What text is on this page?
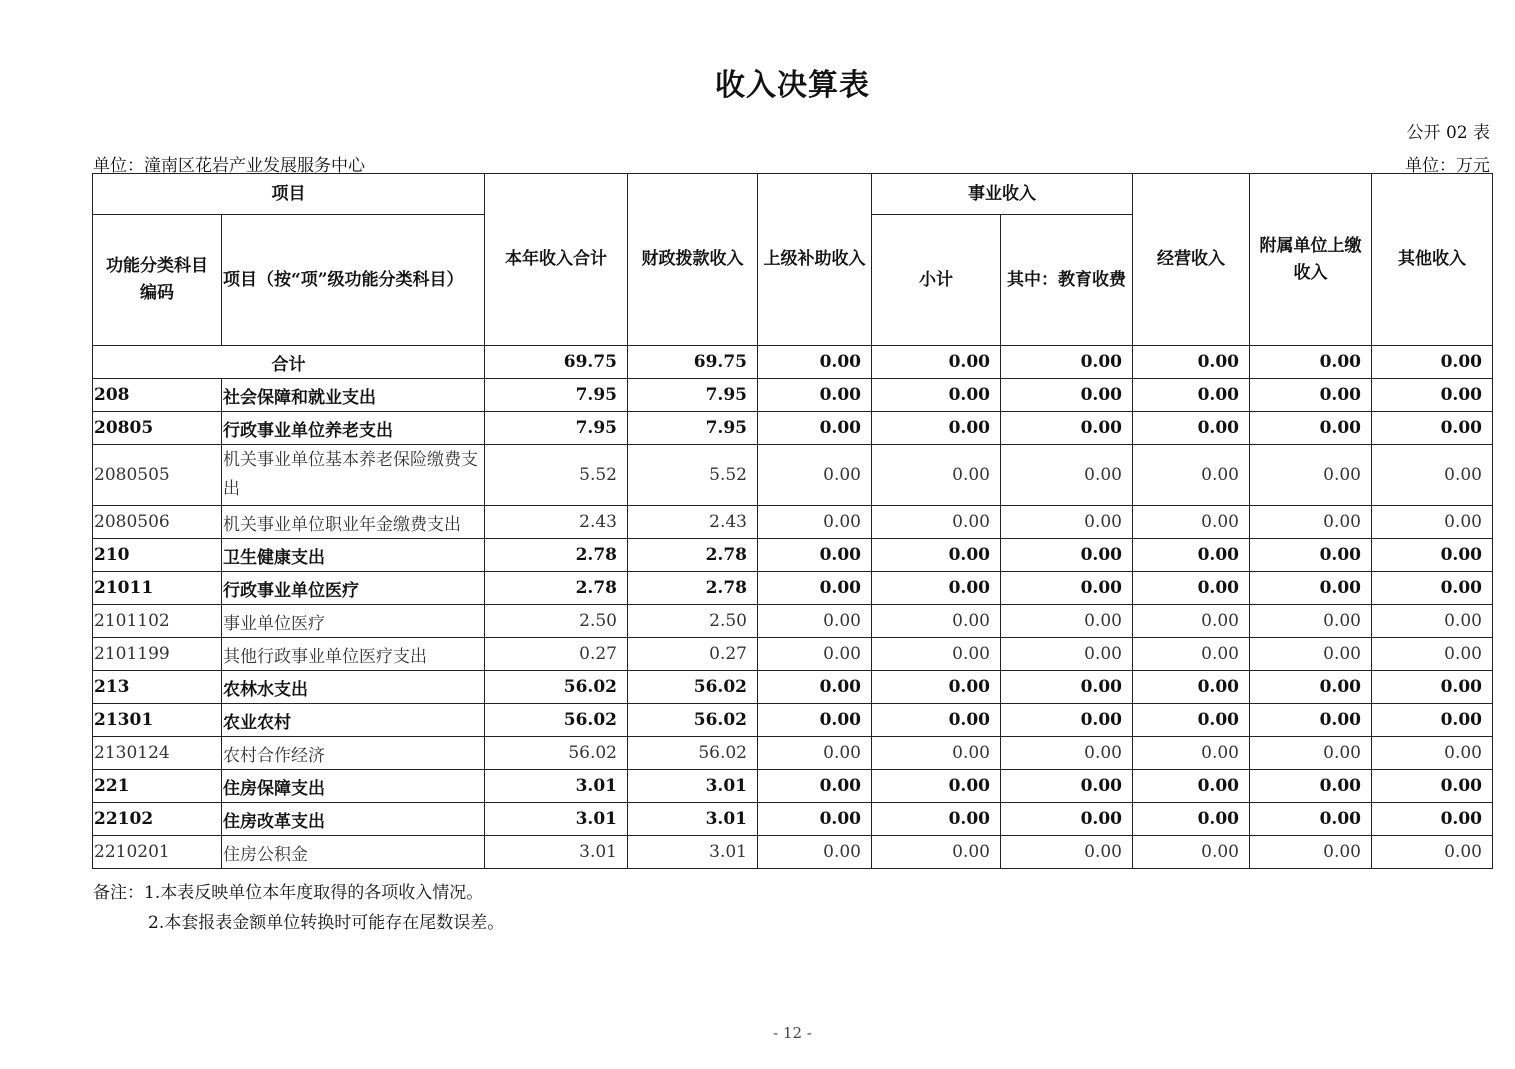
收入决算表
公开 02 表
单位：潼南区花岩产业发展服务中心	单位：万元
项目		本年收入合计	财政拨款收入	上级补助收入	事业收入		经营收入	附属单位上缴收入	其他收入
功能分类科目编码	项目（按“项”级功能分类科目）				小计	其中：教育收费			
合计		69.75	69.75	0.00	0.00	0.00	0.00	0.00	0.00
208	社会保障和就业支出	7.95	7.95	0.00	0.00	0.00	0.00	0.00	0.00
20805	行政事业单位养老支出	7.95	7.95	0.00	0.00	0.00	0.00	0.00	0.00
2080505	机关事业单位基本养老保险缴费支出	5.52	5.52	0.00	0.00	0.00	0.00	0.00	0.00
2080506	机关事业单位职业年金缴费支出	2.43	2.43	0.00	0.00	0.00	0.00	0.00	0.00
210	卫生健康支出	2.78	2.78	0.00	0.00	0.00	0.00	0.00	0.00
21011	行政事业单位医疗	2.78	2.78	0.00	0.00	0.00	0.00	0.00	0.00
2101102	事业单位医疗	2.50	2.50	0.00	0.00	0.00	0.00	0.00	0.00
2101199	其他行政事业单位医疗支出	0.27	0.27	0.00	0.00	0.00	0.00	0.00	0.00
213	农林水支出	56.02	56.02	0.00	0.00	0.00	0.00	0.00	0.00
21301	农业农村	56.02	56.02	0.00	0.00	0.00	0.00	0.00	0.00
2130124	农村合作经济	56.02	56.02	0.00	0.00	0.00	0.00	0.00	0.00
221	住房保障支出	3.01	3.01	0.00	0.00	0.00	0.00	0.00	0.00
22102	住房改革支出	3.01	3.01	0.00	0.00	0.00	0.00	0.00	0.00
2210201	住房公积金	3.01	3.01	0.00	0.00	0.00	0.00	0.00	0.00
备注：1.本表反映单位本年度取得的各项收入情况。
2.本套报表金额单位转换时可能存在尾数误差。
- 12 -
